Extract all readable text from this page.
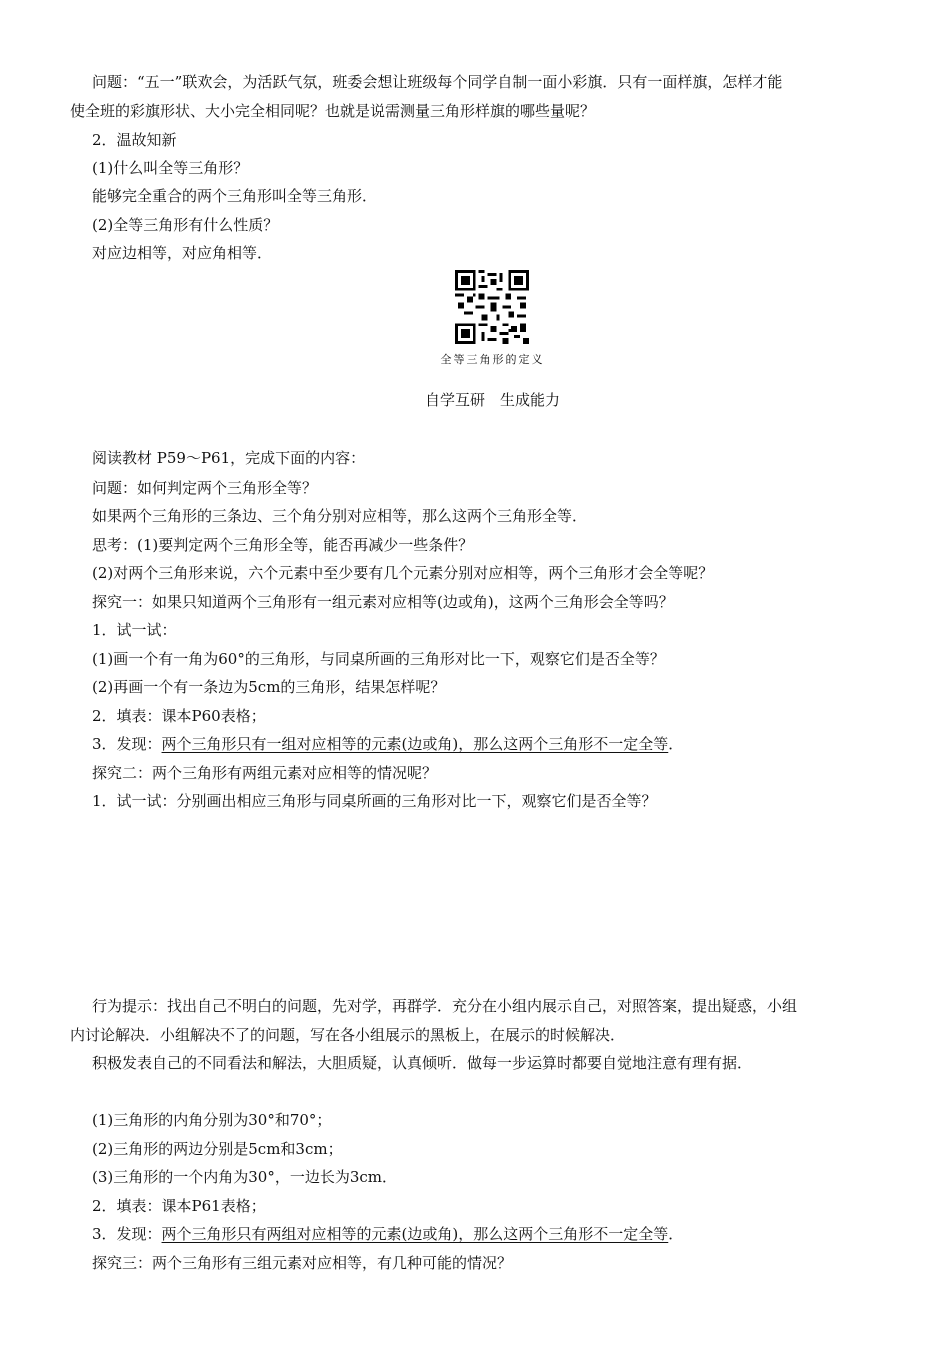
问题：“五一”联欢会，为活跃气氛，班委会想让班级每个同学自制一面小彩旗．只有一面样旗，怎样才能
使全班的彩旗形状、大小完全相同呢？也就是说需测量三角形样旗的哪些量呢？
2．温故知新
(1)什么叫全等三角形？
能够完全重合的两个三角形叫全等三角形．
(2)全等三角形有什么性质？
对应边相等，对应角相等．
全等三角形的定义
自学互研　生成能力
阅读教材 P59～P61，完成下面的内容：
问题：如何判定两个三角形全等？
如果两个三角形的三条边、三个角分别对应相等，那么这两个三角形全等．
思考：(1)要判定两个三角形全等，能否再减少一些条件？
(2)对两个三角形来说，六个元素中至少要有几个元素分别对应相等，两个三角形才会全等呢？
探究一：如果只知道两个三角形有一组元素对应相等(边或角)，这两个三角形会全等吗？
1．试一试：
(1)画一个有一角为60°的三角形，与同桌所画的三角形对比一下，观察它们是否全等？
(2)再画一个有一条边为5cm的三角形，结果怎样呢？
2．填表：课本P60表格；
3．发现：两个三角形只有一组对应相等的元素(边或角)，那么这两个三角形不一定全等．
探究二：两个三角形有两组元素对应相等的情况呢？
1．试一试：分别画出相应三角形与同桌所画的三角形对比一下，观察它们是否全等？
行为提示：找出自己不明白的问题，先对学，再群学．充分在小组内展示自己，对照答案，提出疑惑，小组
内讨论解决．小组解决不了的问题，写在各小组展示的黑板上，在展示的时候解决．
积极发表自己的不同看法和解法，大胆质疑，认真倾听．做每一步运算时都要自觉地注意有理有据．
(1)三角形的内角分别为30°和70°；
(2)三角形的两边分别是5cm和3cm；
(3)三角形的一个内角为30°，一边长为3cm．
2．填表：课本P61表格；
3．发现：两个三角形只有两组对应相等的元素(边或角)，那么这两个三角形不一定全等．
探究三：两个三角形有三组元素对应相等，有几种可能的情况？
